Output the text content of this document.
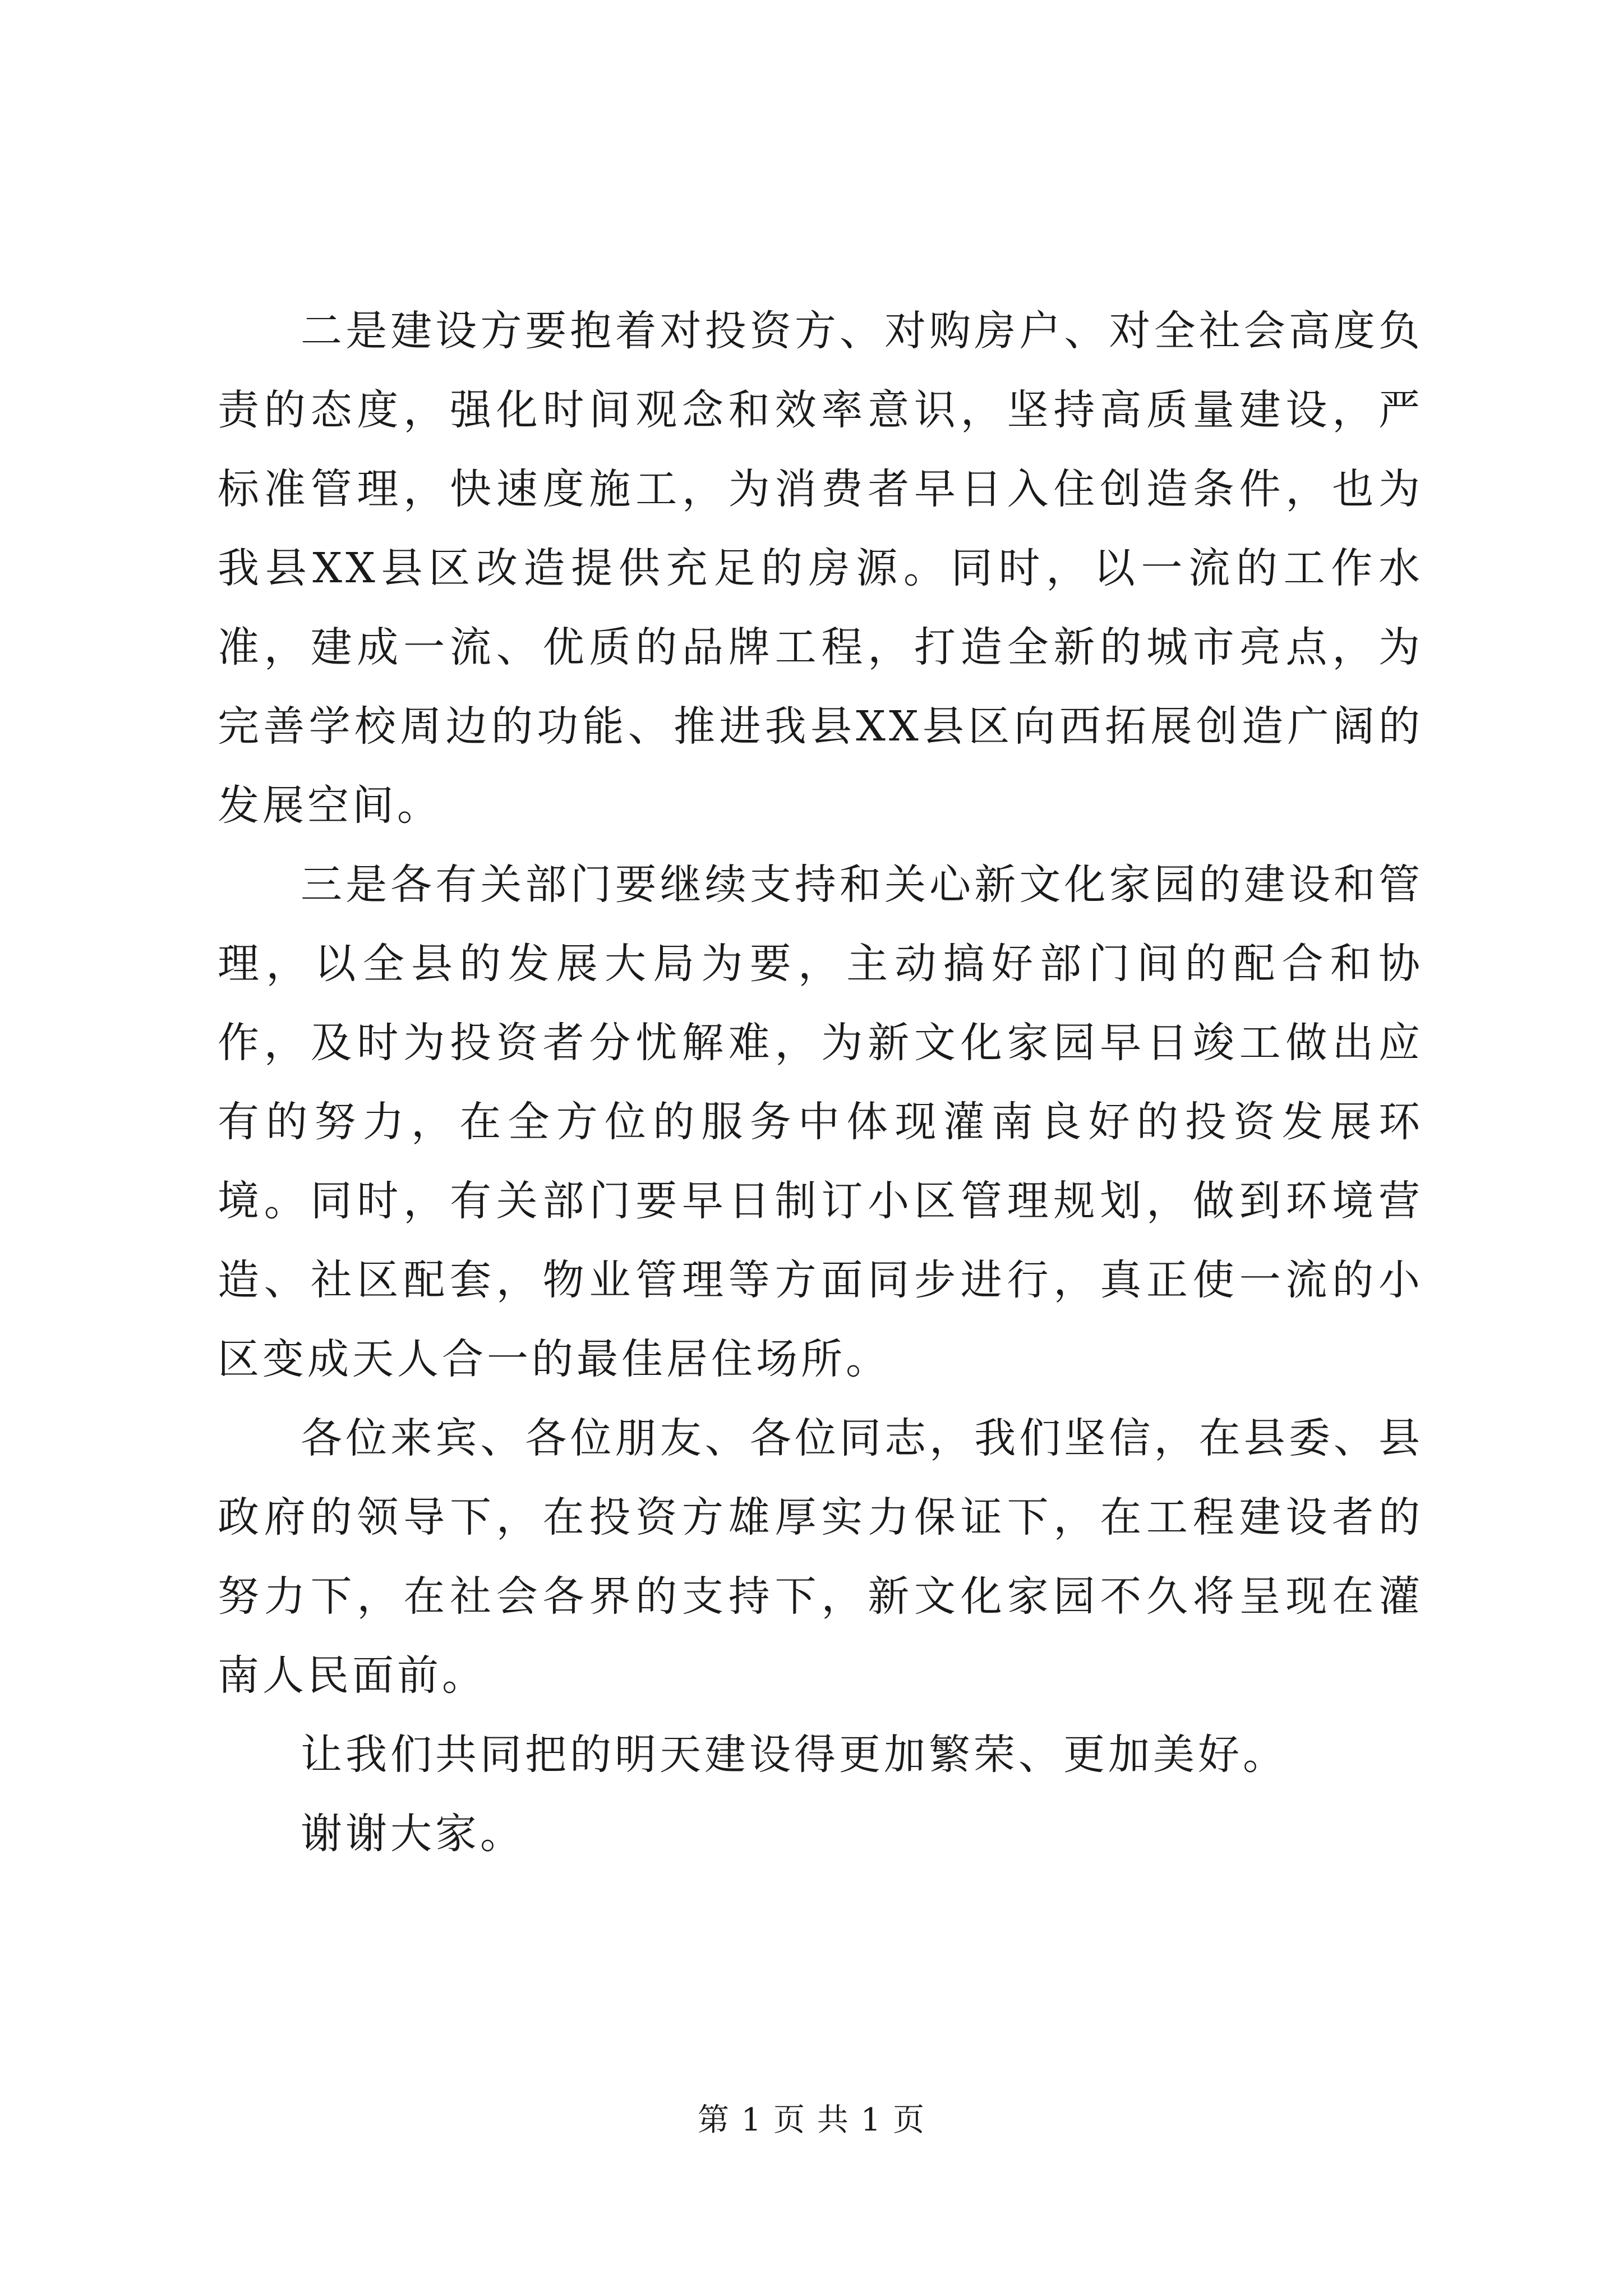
二是建设方要抱着对投资方、对购房户、对全社会高度负责的态度，强化时间观念和效率意识，坚持高质量建设，严标准管理，快速度施工，为消费者早日入住创造条件，也为我县XX县区改造提供充足的房源。同时，以一流的工作水准，建成一流、优质的品牌工程，打造全新的城市亮点，为完善学校周边的功能、推进我县XX县区向西拓展创造广阔的发展空间。

三是各有关部门要继续支持和关心新文化家园的建设和管理，以全县的发展大局为要，主动搞好部门间的配合和协作，及时为投资者分忧解难，为新文化家园早日竣工做出应有的努力，在全方位的服务中体现灌南良好的投资发展环境。同时，有关部门要早日制订小区管理规划，做到环境营造、社区配套，物业管理等方面同步进行，真正使一流的小区变成天人合一的最佳居住场所。

各位来宾、各位朋友、各位同志，我们坚信，在县委、县政府的领导下，在投资方雄厚实力保证下，在工程建设者的努力下，在社会各界的支持下，新文化家园不久将呈现在灌南人民面前。

让我们共同把的明天建设得更加繁荣、更加美好。

谢谢大家。

第 1 页 共 1 页
